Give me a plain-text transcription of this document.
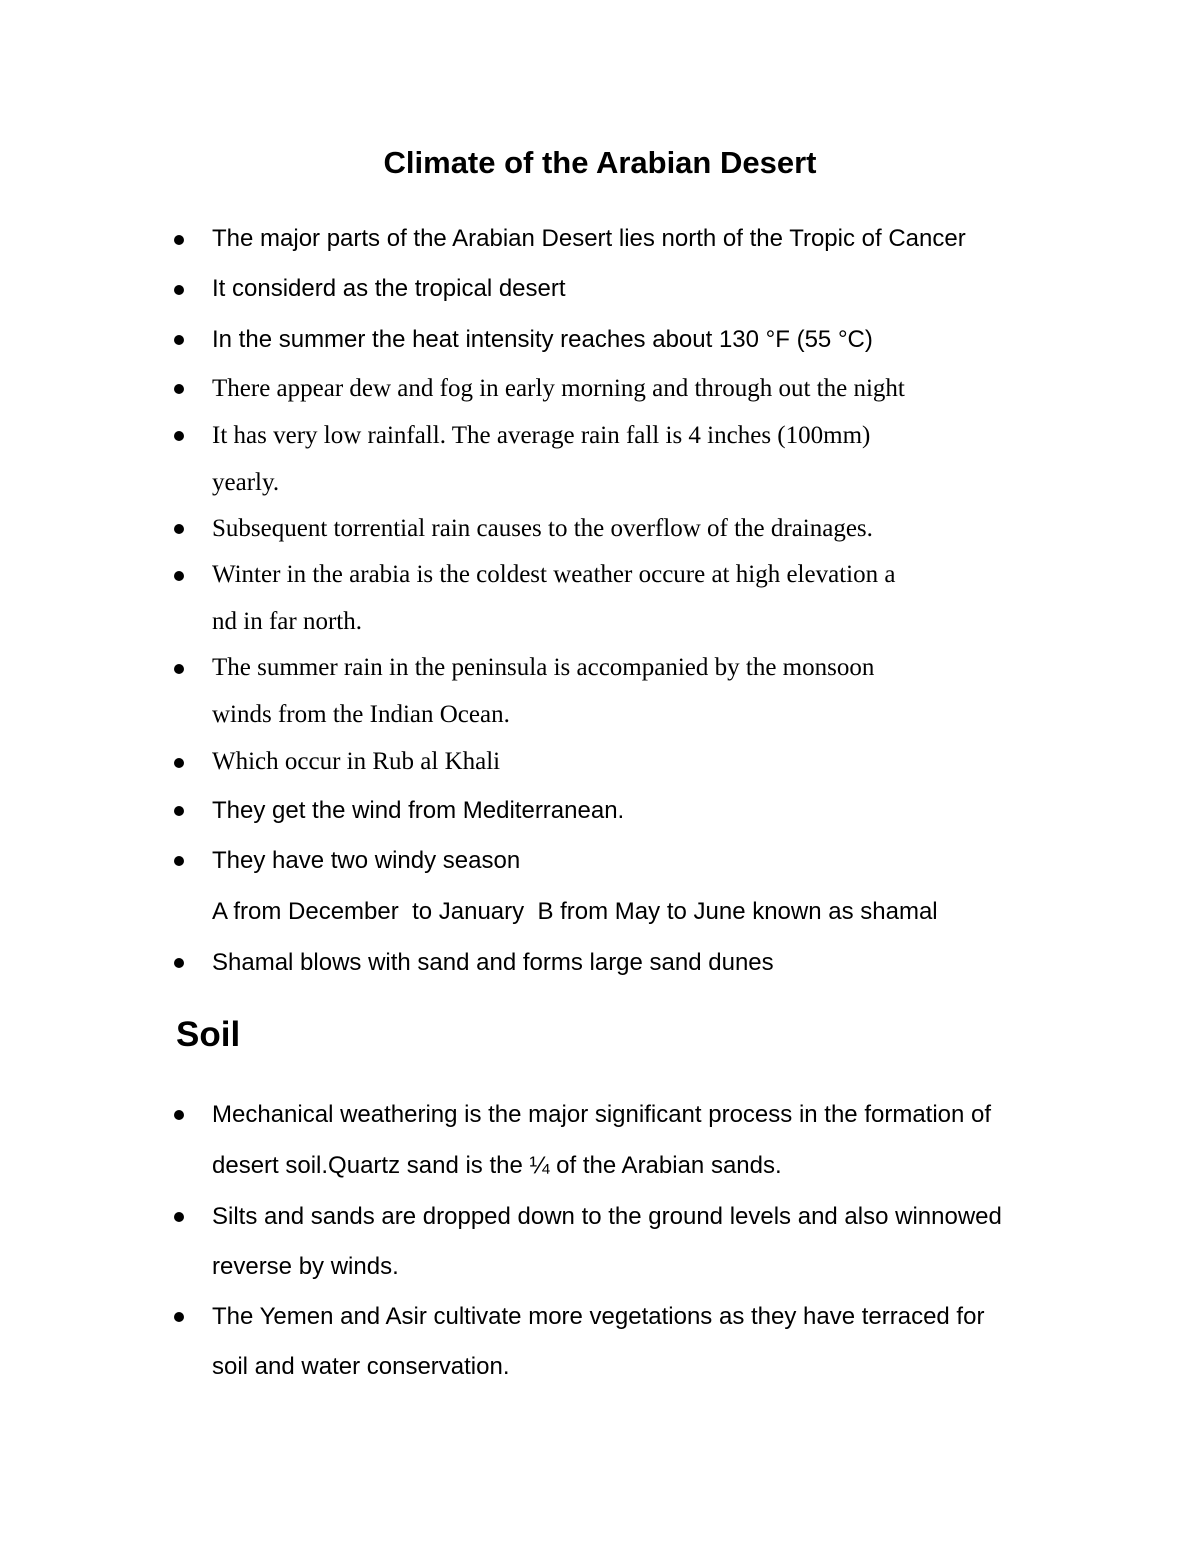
Climate of the Arabian Desert
The major parts of the Arabian Desert lies north of the Tropic of Cancer
It considerd as the tropical desert
In the summer the heat intensity reaches about 130 °F (55 °C)
There appear dew and fog in early morning and through out the night
It has very low rainfall. The average rain fall is 4 inches (100mm)
yearly.
Subsequent torrential rain causes to the overflow of the drainages.
Winter in the arabia is the coldest weather occure at high elevation a
nd in far north.
The summer rain in the peninsula is accompanied by the monsoon
winds from the Indian Ocean.
Which occur in Rub al Khali
They get the wind from Mediterranean.
They have two windy season
A from December  to January  B from May to June known as shamal
Shamal blows with sand and forms large sand dunes
Soil
Mechanical weathering is the major significant process in the formation of
desert soil.Quartz sand is the ¼ of the Arabian sands.
Silts and sands are dropped down to the ground levels and also winnowed
reverse by winds.
The Yemen and Asir cultivate more vegetations as they have terraced for
soil and water conservation.
